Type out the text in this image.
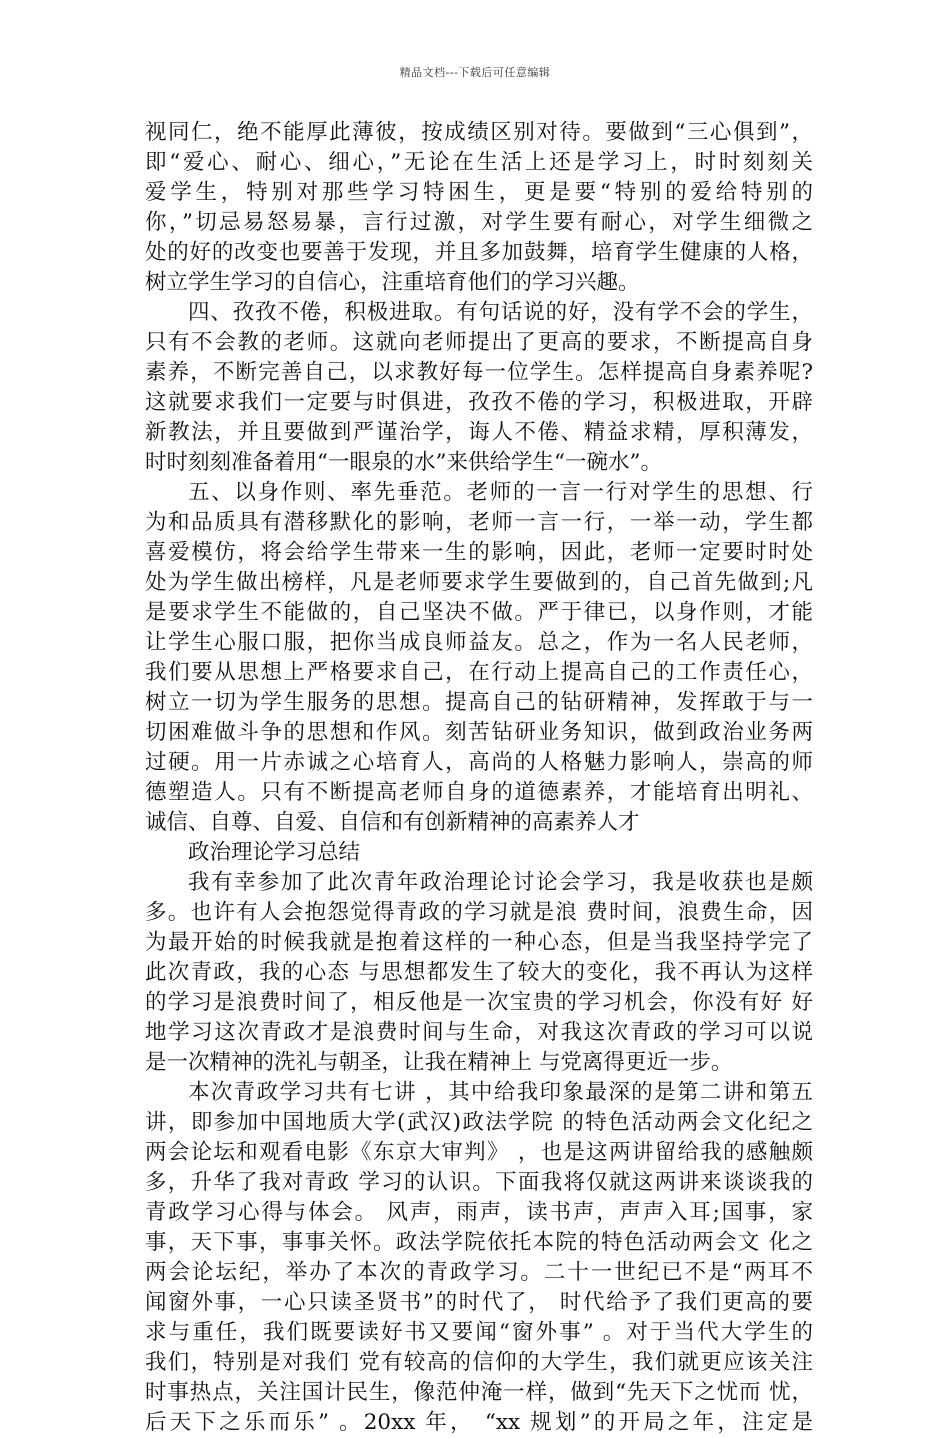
精品文档---下载后可任意编辑
视同仁，绝不能厚此薄彼，按成绩区别对待。要做到“三心俱到”，
即“爱心、耐心、细心，”无论在生活上还是学习上，时时刻刻关
爱学生，特别对那些学习特困生，更是要“特别的爱给特别的
你，”切忌易怒易暴，言行过激，对学生要有耐心，对学生细微之
处的好的改变也要善于发现，并且多加鼓舞，培育学生健康的人格，
树立学生学习的自信心，注重培育他们的学习兴趣。
四、孜孜不倦，积极进取。有句话说的好，没有学不会的学生，
只有不会教的老师。这就向老师提出了更高的要求，不断提高自身
素养，不断完善自己，以求教好每一位学生。怎样提高自身素养呢?
这就要求我们一定要与时俱进，孜孜不倦的学习，积极进取，开辟
新教法，并且要做到严谨治学，诲人不倦、精益求精，厚积薄发，
时时刻刻准备着用“一眼泉的水”来供给学生“一碗水”。
五、以身作则、率先垂范。老师的一言一行对学生的思想、行
为和品质具有潜移默化的影响，老师一言一行，一举一动，学生都
喜爱模仿，将会给学生带来一生的影响，因此，老师一定要时时处
处为学生做出榜样，凡是老师要求学生要做到的，自己首先做到;凡
是要求学生不能做的，自己坚决不做。严于律已，以身作则，才能
让学生心服口服，把你当成良师益友。总之，作为一名人民老师，
我们要从思想上严格要求自己，在行动上提高自己的工作责任心，
树立一切为学生服务的思想。提高自己的钻研精神，发挥敢于与一
切困难做斗争的思想和作风。刻苦钻研业务知识，做到政治业务两
过硬。用一片赤诚之心培育人，高尚的人格魅力影响人，崇高的师
德塑造人。只有不断提高老师自身的道德素养，才能培育出明礼、
诚信、自尊、自爱、自信和有创新精神的高素养人才
政治理论学习总结
我有幸参加了此次青年政治理论讨论会学习，我是收获也是颇
多。也许有人会抱怨觉得青政的学习就是浪 费时间，浪费生命，因
为最开始的时候我就是抱着这样的一种心态，但是当我坚持学完了
此次青政，我的心态 与思想都发生了较大的变化，我不再认为这样
的学习是浪费时间了，相反他是一次宝贵的学习机会，你没有好 好
地学习这次青政才是浪费时间与生命，对我这次青政的学习可以说
是一次精神的洗礼与朝圣，让我在精神上 与党离得更近一步。
本次青政学习共有七讲 ，其中给我印象最深的是第二讲和第五
讲，即参加中国地质大学(武汉)政法学院 的特色活动两会文化纪之
两会论坛和观看电影《东京大审判》 ，也是这两讲留给我的感触颇
多，升华了我对青政 学习的认识。下面我将仅就这两讲来谈谈我的
青政学习心得与体会。 风声，雨声，读书声，声声入耳;国事，家
事，天下事，事事关怀。政法学院依托本院的特色活动两会文 化之
两会论坛纪，举办了本次的青政学习。二十一世纪已不是“两耳不
闻窗外事，一心只读圣贤书”的时代了， 时代给予了我们更高的要
求与重任，我们既要读好书又要闻“窗外事” 。对于当代大学生的
我们，特别是对我们 党有较高的信仰的大学生，我们就更应该关注
时事热点，关注国计民生，像范仲淹一样，做到“先天下之忧而 忧，
后天下之乐而乐” 。20xx 年， “xx 规划”的开局之年，注定是
